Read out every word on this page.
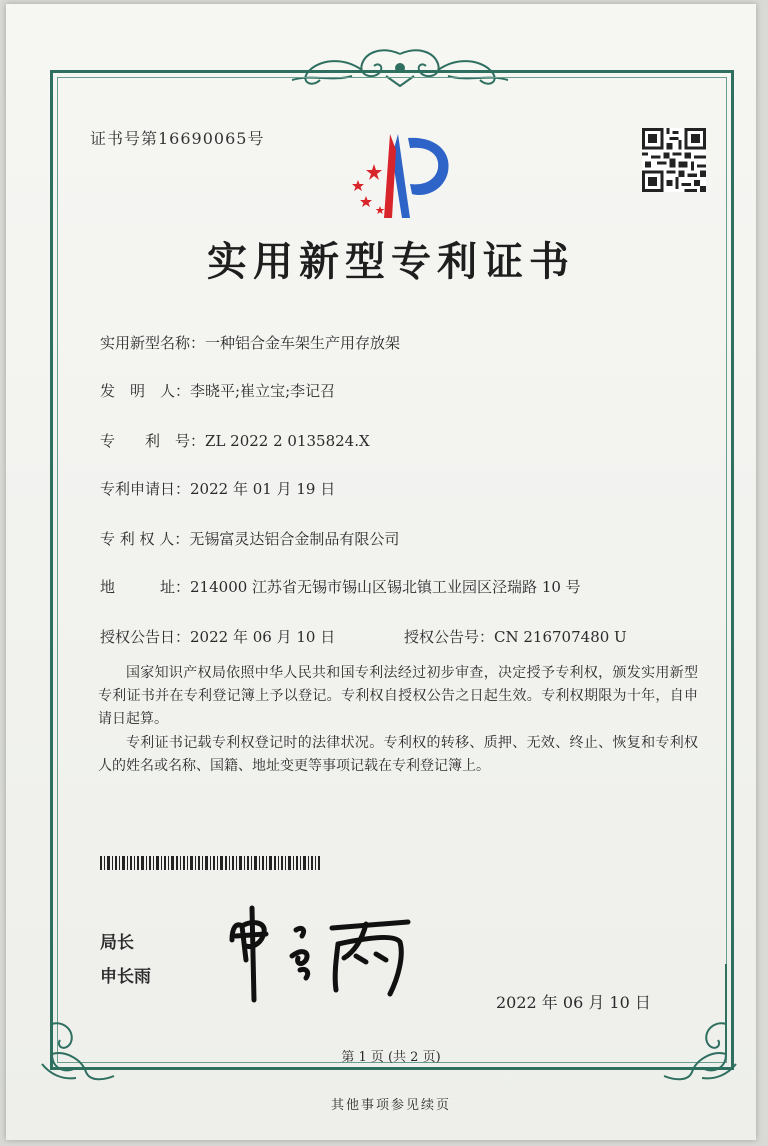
证书号第16690065号
实用新型专利证书
实用新型名称：一种铝合金车架生产用存放架
发　明　人：李晓平;崔立宝;李记召
专　　利　号：ZL 2022 2 0135824.X
专利申请日：2022 年 01 月 19 日
专 利 权 人：无锡富灵达铝合金制品有限公司
地　　　址：214000 江苏省无锡市锡山区锡北镇工业园区泾瑞路 10 号
授权公告日：2022 年 06 月 10 日	授权公告号：CN 216707480 U
国家知识产权局依照中华人民共和国专利法经过初步审查，决定授予专利权，颁发实用新型专利证书并在专利登记簿上予以登记。专利权自授权公告之日起生效。专利权期限为十年，自申请日起算。
专利证书记载专利权登记时的法律状况。专利权的转移、质押、无效、终止、恢复和专利权人的姓名或名称、国籍、地址变更等事项记载在专利登记簿上。
局长
申长雨
2022 年 06 月 10 日
第 1 页 (共 2 页)
其他事项参见续页
